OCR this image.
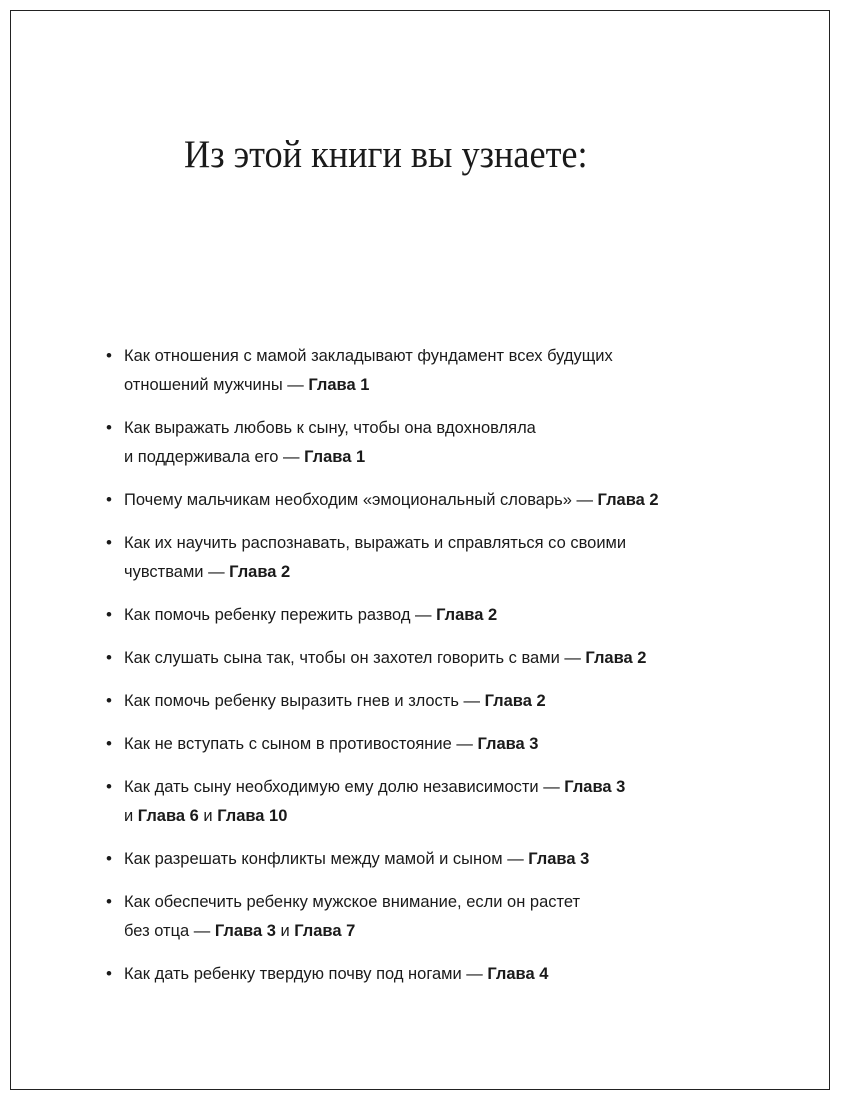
Из этой книги вы узнаете:
• Как отношения с мамой закладывают фундамент всех будущих
отношений мужчины — Глава 1
• Как выражать любовь к сыну, чтобы она вдохновляла
и поддерживала его — Глава 1
• Почему мальчикам необходим «эмоциональный словарь» — Глава 2
• Как их научить распознавать, выражать и справляться со своими
чувствами — Глава 2
• Как помочь ребенку пережить развод — Глава 2
• Как слушать сына так, чтобы он захотел говорить с вами — Глава 2
• Как помочь ребенку выразить гнев и злость — Глава 2
• Как не вступать с сыном в противостояние — Глава 3
• Как дать сыну необходимую ему долю независимости — Глава 3
и Глава 6 и Глава 10
• Как разрешать конфликты между мамой и сыном — Глава 3
• Как обеспечить ребенку мужское внимание, если он растет
без отца — Глава 3 и Глава 7
• Как дать ребенку твердую почву под ногами — Глава 4
